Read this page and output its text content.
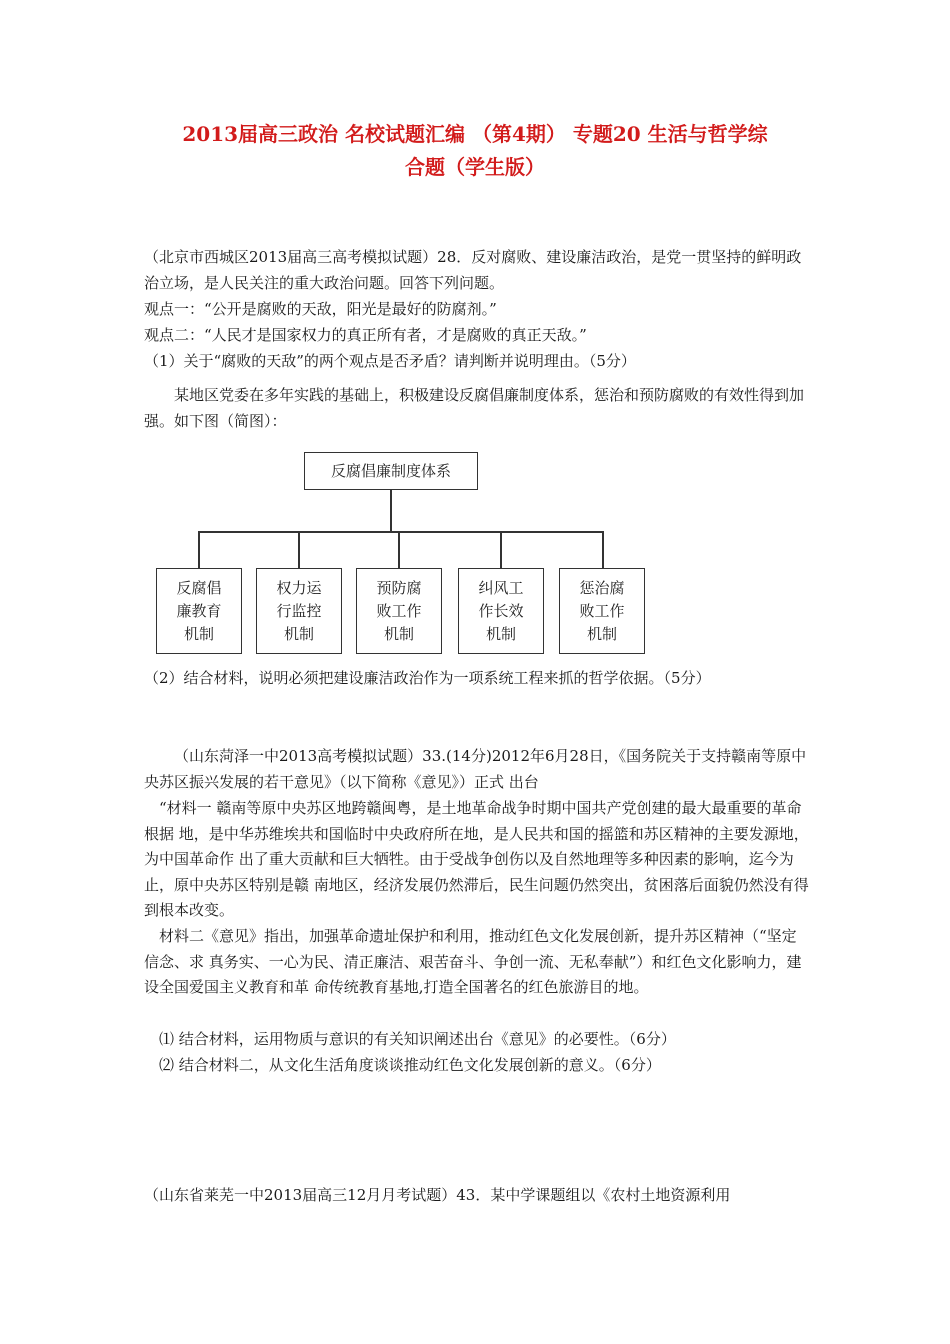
2013届高三政治 名校试题汇编 （第4期） 专题20 生活与哲学综
合题（学生版）

（北京市西城区2013届高三高考模拟试题）28．反对腐败、建设廉洁政治，是党一贯坚持的鲜明政治立场，是人民关注的重大政治问题。回答下列问题。

观点一：“公开是腐败的天敌，阳光是最好的防腐剂。”

观点二：“人民才是国家权力的真正所有者，才是腐败的真正天敌。”

（1）关于“腐败的天敌”的两个观点是否矛盾？请判断并说明理由。（5分）

某地区党委在多年实践的基础上，积极建设反腐倡廉制度体系，惩治和预防腐败的有效性得到加强。如下图（简图）：

反腐倡廉制度体系
反腐倡
廉教育
机制
权力运
行监控
机制
预防腐
败工作
机制
纠风工
作长效
机制
惩治腐
败工作
机制

（2）结合材料，说明必须把建设廉洁政治作为一项系统工程来抓的哲学依据。（5分）

（山东菏泽一中2013高考模拟试题）33.(14分)2012年6月28日，《国务院关于支持赣南等原中央苏区振兴发展的若干意见》（以下简称《意见》）正式 出台

“材料一 赣南等原中央苏区地跨赣闽粤，是土地革命战争时期中国共产党创建的最大最重要的革命根据 地，是中华苏维埃共和国临时中央政府所在地，是人民共和国的摇篮和苏区精神的主要发源地，为中国革命作 出了重大贡献和巨大牺牲。由于受战争创伤以及自然地理等多种因素的影响，迄今为止，原中央苏区特别是赣 南地区，经济发展仍然滞后，民生问题仍然突出，贫困落后面貌仍然没有得到根本改变。

材料二《意见》指出，加强革命遗址保护和利用，推动红色文化发展创新，提升苏区精神（“坚定信念、求 真务实、一心为民、清正廉洁、艰苦奋斗、争创一流、无私奉献”）和红色文化影响力，建设全国爱国主义教育和革 命传统教育基地,打造全国著名的红色旅游目的地。

⑴ 结合材料，运用物质与意识的有关知识阐述出台《意见》的必要性。（6分）

⑵ 结合材料二，从文化生活角度谈谈推动红色文化发展创新的意义。（6分）

（山东省莱芜一中2013届高三12月月考试题）43．某中学课题组以《农村土地资源利用
